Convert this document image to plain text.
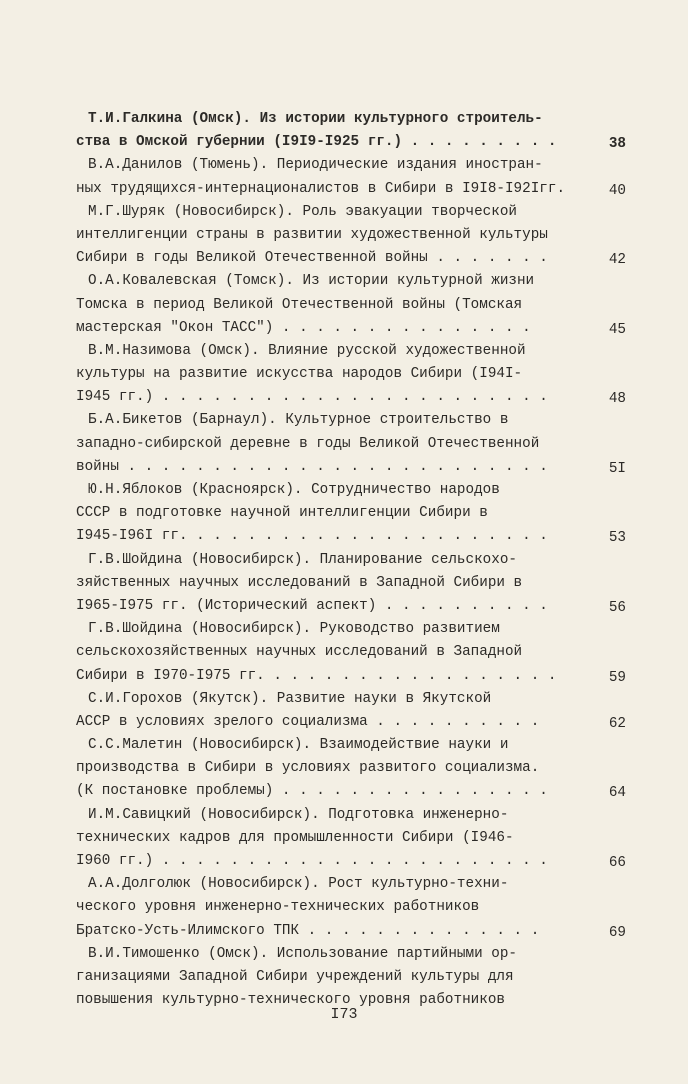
Т.И.Галкина (Омск). Из истории культурного строитель-
ства в Омской губернии (I9I9-I925 гг.) . . . . . . . . .	38
В.А.Данилов (Тюмень). Периодические издания иностран-
ных трудящихся-интернационалистов в Сибири в I9I8-I92Iгг.	40
М.Г.Шуряк (Новосибирск). Роль эвакуации творческой
интеллигенции страны в развитии художественной культуры
Сибири в годы Великой Отечественной войны . . . . . . .	42
О.А.Ковалевская (Томск). Из истории культурной жизни
Томска в период Великой Отечественной войны (Томская
мастерская "Окон ТАСС") . . . . . . . . . . . . . . .	45
В.М.Назимова (Омск). Влияние русской художественной
культуры на развитие искусства народов Сибири (I94I-
I945 гг.) . . . . . . . . . . . . . . . . . . . . . . .	48
Б.А.Бикетов (Барнаул). Культурное строительство в
западно-сибирской деревне в годы Великой Отечественной
войны . . . . . . . . . . . . . . . . . . . . . . . . .	5I
Ю.Н.Яблоков (Красноярск). Сотрудничество народов
СССР в подготовке научной интеллигенции Сибири в
I945-I96I гг. . . . . . . . . . . . . . . . . . . . . .	53
Г.В.Шойдина (Новосибирск). Планирование сельскохо-
зяйственных научных исследований в Западной Сибири в
I965-I975 гг. (Исторический аспект) . . . . . . . . . .	56
Г.В.Шойдина (Новосибирск). Руководство развитием
сельскохозяйственных научных исследований в Западной
Сибири в I970-I975 гг. . . . . . . . . . . . . . . . . .	59
С.И.Горохов (Якутск). Развитие науки в Якутской
АССР в условиях зрелого социализма . . . . . . . . . .	62
С.С.Малетин (Новосибирск). Взаимодействие науки и
производства в Сибири в условиях развитого социализма.
(К постановке проблемы) . . . . . . . . . . . . . . . .	64
И.М.Савицкий (Новосибирск). Подготовка инженерно-
технических кадров для промышленности Сибири (I946-
I960 гг.) . . . . . . . . . . . . . . . . . . . . . . .	66
А.А.Долголюк (Новосибирск). Рост культурно-техни-
ческого уровня инженерно-технических работников
Братско-Усть-Илимского ТПК . . . . . . . . . . . . . .	69
В.И.Тимошенко (Омск). Использование партийными ор-
ганизациями Западной Сибири учреждений культуры для
повышения культурно-технического уровня работников
I73
